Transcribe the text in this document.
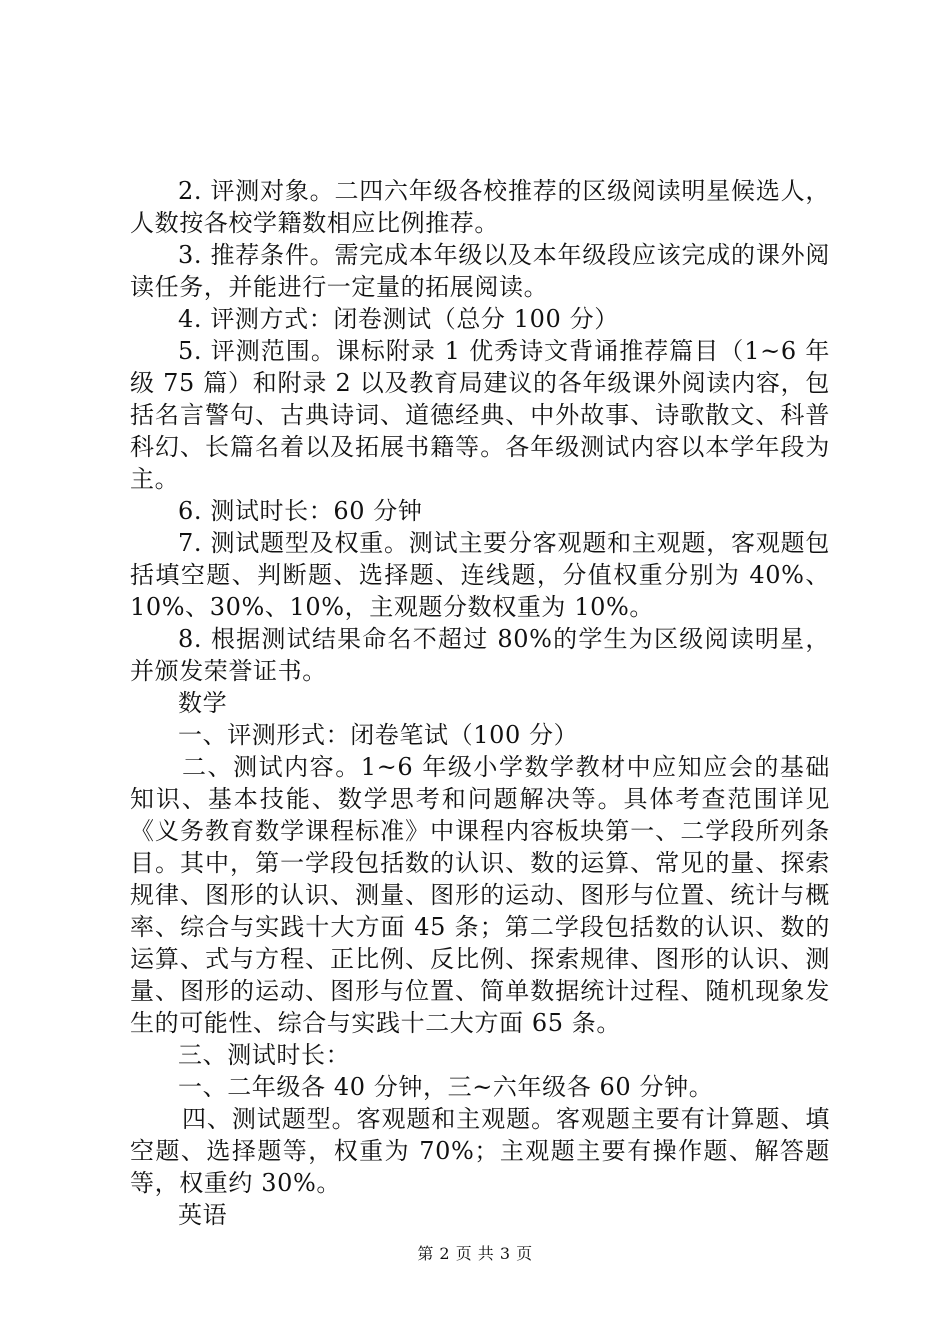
2. 评测对象。二四六年级各校推荐的区级阅读明星候选人，人数按各校学籍数相应比例推荐。

3. 推荐条件。需完成本年级以及本年级段应该完成的课外阅读任务，并能进行一定量的拓展阅读。

4. 评测方式：闭卷测试（总分 100 分）

5. 评测范围。课标附录 1 优秀诗文背诵推荐篇目（1~6 年级 75 篇）和附录 2 以及教育局建议的各年级课外阅读内容，包括名言警句、古典诗词、道德经典、中外故事、诗歌散文、科普科幻、长篇名着以及拓展书籍等。各年级测试内容以本学年段为主。

6. 测试时长：60 分钟

7. 测试题型及权重。测试主要分客观题和主观题，客观题包括填空题、判断题、选择题、连线题，分值权重分别为 40%、10%、30%、10%，主观题分数权重为 10%。

8. 根据测试结果命名不超过 80%的学生为区级阅读明星，并颁发荣誉证书。

数学

一、评测形式：闭卷笔试（100 分）

二、测试内容。1~6 年级小学数学教材中应知应会的基础知识、基本技能、数学思考和问题解决等。具体考查范围详见《义务教育数学课程标准》中课程内容板块第一、二学段所列条目。其中，第一学段包括数的认识、数的运算、常见的量、探索规律、图形的认识、测量、图形的运动、图形与位置、统计与概率、综合与实践十大方面 45 条；第二学段包括数的认识、数的运算、式与方程、正比例、反比例、探索规律、图形的认识、测量、图形的运动、图形与位置、简单数据统计过程、随机现象发生的可能性、综合与实践十二大方面 65 条。

三、测试时长：

一、二年级各 40 分钟，三~六年级各 60 分钟。

四、测试题型。客观题和主观题。客观题主要有计算题、填空题、选择题等，权重为 70%；主观题主要有操作题、解答题等，权重约 30%。

英语

第 2 页 共 3 页
